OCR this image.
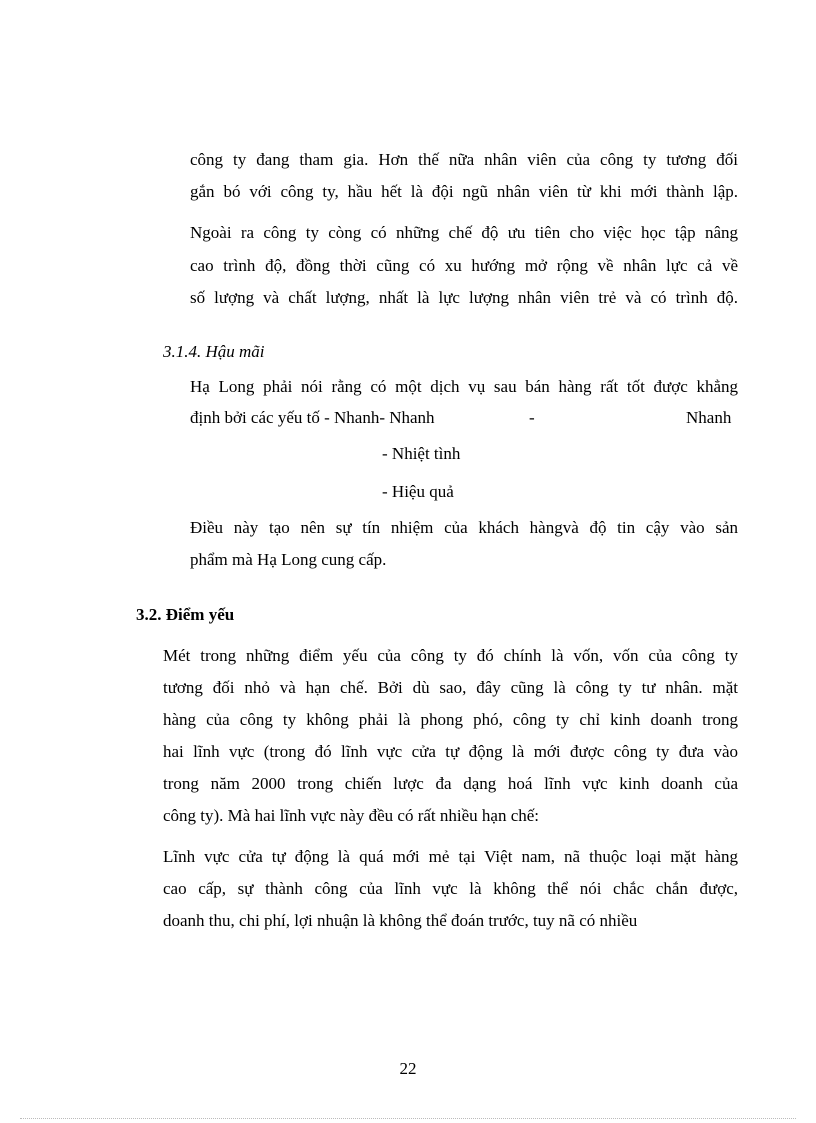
công ty đang tham gia. Hơn thế nữa nhân viên của công ty tương đối

gắn bó với công ty, hầu hết là đội ngũ nhân viên từ khi mới thành lập.

Ngoài ra công ty còng có những chế độ ưu tiên cho việc học tập nâng

cao trình độ, đồng thời cũng có xu hướng mở rộng về nhân lực cả về

số lượng và chất lượng, nhất là lực lượng nhân viên trẻ và có trình độ.

3.1.4. Hậu mãi

Hạ Long phải nói rằng có một dịch vụ sau bán hàng rất tốt được khẳng

định bởi các yếu tố - Nhanh- Nhanh	-	Nhanh

- Nhiệt tình

- Hiệu quả

Điều này tạo nên sự tín nhiệm của khách hàngvà độ tin cậy vào sản

phẩm mà Hạ Long cung cấp.

3.2. Điểm yếu

Mét trong những điểm yếu của công ty đó chính là vốn, vốn của công ty

tương đối nhỏ và hạn chế. Bởi dù sao, đây cũng là công ty tư nhân. mặt

hàng của công ty không phải là phong phó, công ty chỉ kinh doanh trong

hai lĩnh vực (trong đó lĩnh vực cửa tự động là mới được công ty đưa vào

trong năm 2000 trong chiến lược đa dạng hoá lĩnh vực kinh doanh của

công ty). Mà hai lĩnh vực này đều có rất nhiều hạn chế:

Lĩnh vực cửa tự động là quá mới mẻ tại Việt nam, nã thuộc loại mặt hàng

cao cấp, sự thành công của lĩnh vực là không thể nói chắc chắn được,

doanh thu, chi phí, lợi nhuận là không thể đoán trước, tuy nã có nhiều

22
